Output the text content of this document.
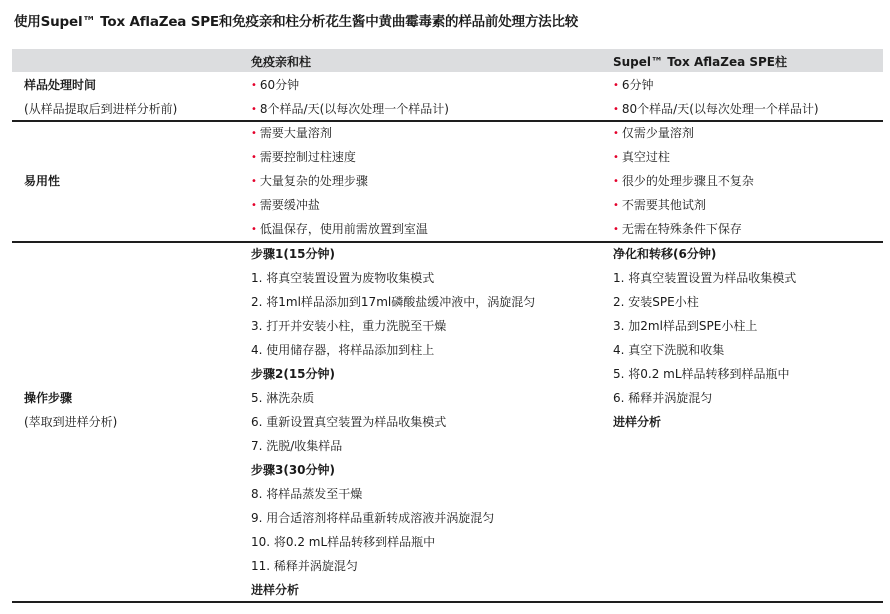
使用Supel™ Tox AflaZea SPE和免疫亲和柱分析花生酱中黄曲霉毒素的样品前处理方法比较
免疫亲和柱	Supel™ Tox AflaZea SPE柱
样品处理时间
(从样品提取后到进样分析前)
• 60分钟
• 8个样品/天(以每次处理一个样品计)
• 6分钟
• 80个样品/天(以每次处理一个样品计)
易用性
• 需要大量溶剂
• 需要控制过柱速度
• 大量复杂的处理步骤
• 需要缓冲盐
• 低温保存，使用前需放置到室温
• 仅需少量溶剂
• 真空过柱
• 很少的处理步骤且不复杂
• 不需要其他试剂
• 无需在特殊条件下保存
操作步骤
(萃取到进样分析)
步骤1(15分钟)
1. 将真空装置设置为废物收集模式
2. 将1ml样品添加到17ml磷酸盐缓冲液中，涡旋混匀
3. 打开并安装小柱，重力洗脱至干燥
4. 使用储存器，将样品添加到柱上
步骤2(15分钟)
5. 淋洗杂质
6. 重新设置真空装置为样品收集模式
7. 洗脱/收集样品
步骤3(30分钟)
8. 将样品蒸发至干燥
9. 用合适溶剂将样品重新转成溶液并涡旋混匀
10. 将0.2 mL样品转移到样品瓶中
11. 稀释并涡旋混匀
进样分析
净化和转移(6分钟)
1. 将真空装置设置为样品收集模式
2. 安装SPE小柱
3. 加2ml样品到SPE小柱上
4. 真空下洗脱和收集
5. 将0.2 mL样品转移到样品瓶中
6. 稀释并涡旋混匀
进样分析
